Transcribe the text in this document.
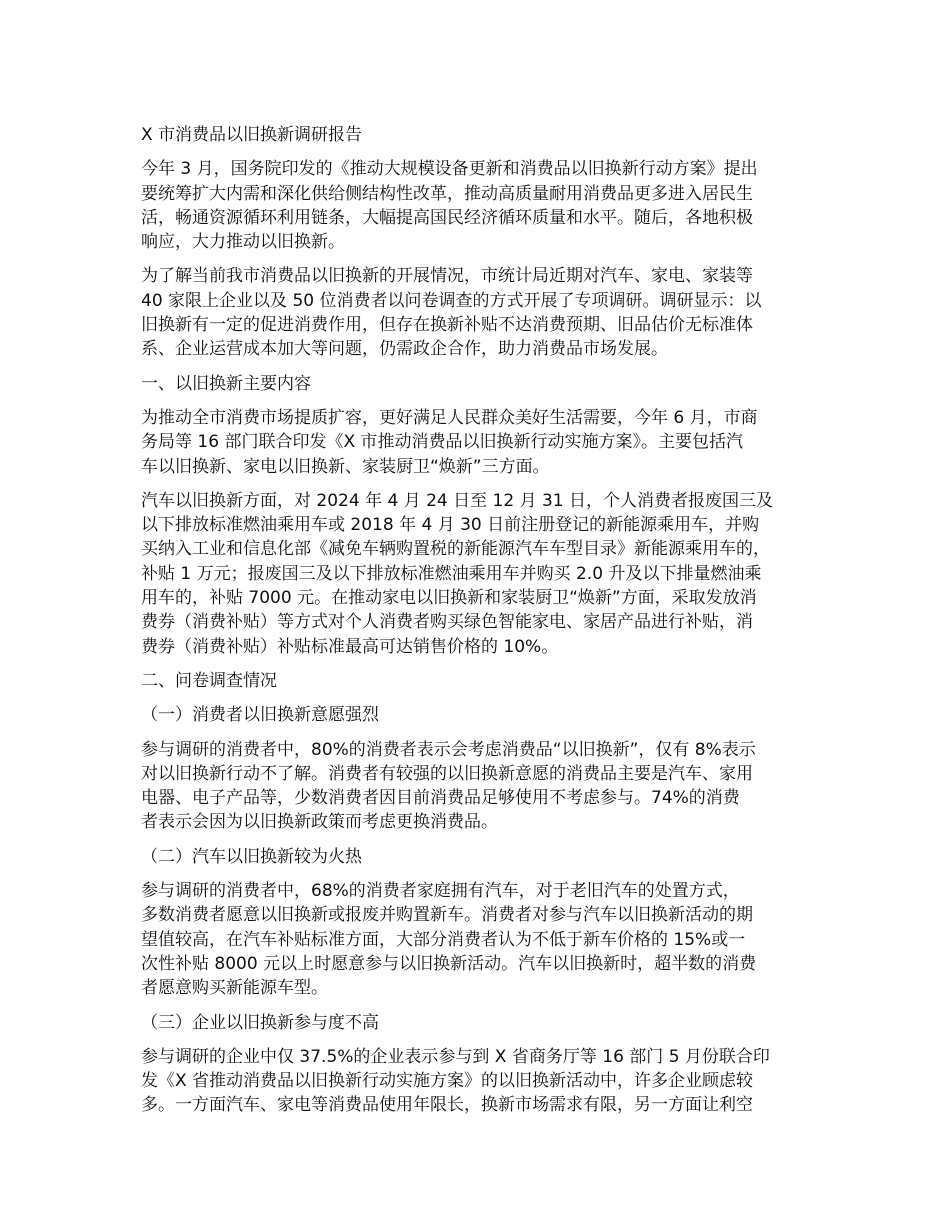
X 市消费品以旧换新调研报告

今年 3 月，国务院印发的《推动大规模设备更新和消费品以旧换新行动方案》提出
要统筹扩大内需和深化供给侧结构性改革，推动高质量耐用消费品更多进入居民生
活，畅通资源循环利用链条，大幅提高国民经济循环质量和水平。随后，各地积极
响应，大力推动以旧换新。

为了解当前我市消费品以旧换新的开展情况，市统计局近期对汽车、家电、家装等
40 家限上企业以及 50 位消费者以问卷调查的方式开展了专项调研。调研显示：以
旧换新有一定的促进消费作用，但存在换新补贴不达消费预期、旧品估价无标准体
系、企业运营成本加大等问题，仍需政企合作，助力消费品市场发展。

一、以旧换新主要内容

为推动全市消费市场提质扩容，更好满足人民群众美好生活需要，今年 6 月，市商
务局等 16 部门联合印发《X 市推动消费品以旧换新行动实施方案》。主要包括汽
车以旧换新、家电以旧换新、家装厨卫“焕新”三方面。

汽车以旧换新方面，对 2024 年 4 月 24 日至 12 月 31 日，个人消费者报废国三及
以下排放标准燃油乘用车或 2018 年 4 月 30 日前注册登记的新能源乘用车，并购
买纳入工业和信息化部《减免车辆购置税的新能源汽车车型目录》新能源乘用车的，
补贴 1 万元；报废国三及以下排放标准燃油乘用车并购买 2.0 升及以下排量燃油乘
用车的，补贴 7000 元。在推动家电以旧换新和家装厨卫“焕新”方面，采取发放消
费券（消费补贴）等方式对个人消费者购买绿色智能家电、家居产品进行补贴，消
费券（消费补贴）补贴标准最高可达销售价格的 10%。

二、问卷调查情况

（一）消费者以旧换新意愿强烈

参与调研的消费者中，80%的消费者表示会考虑消费品“以旧换新”，仅有 8%表示
对以旧换新行动不了解。消费者有较强的以旧换新意愿的消费品主要是汽车、家用
电器、电子产品等，少数消费者因目前消费品足够使用不考虑参与。74%的消费
者表示会因为以旧换新政策而考虑更换消费品。

（二）汽车以旧换新较为火热

参与调研的消费者中，68%的消费者家庭拥有汽车，对于老旧汽车的处置方式，
多数消费者愿意以旧换新或报废并购置新车。消费者对参与汽车以旧换新活动的期
望值较高，在汽车补贴标准方面，大部分消费者认为不低于新车价格的 15%或一
次性补贴 8000 元以上时愿意参与以旧换新活动。汽车以旧换新时，超半数的消费
者愿意购买新能源车型。

（三）企业以旧换新参与度不高

参与调研的企业中仅 37.5%的企业表示参与到 X 省商务厅等 16 部门 5 月份联合印
发《X 省推动消费品以旧换新行动实施方案》的以旧换新活动中，许多企业顾虑较
多。一方面汽车、家电等消费品使用年限长，换新市场需求有限，另一方面让利空
